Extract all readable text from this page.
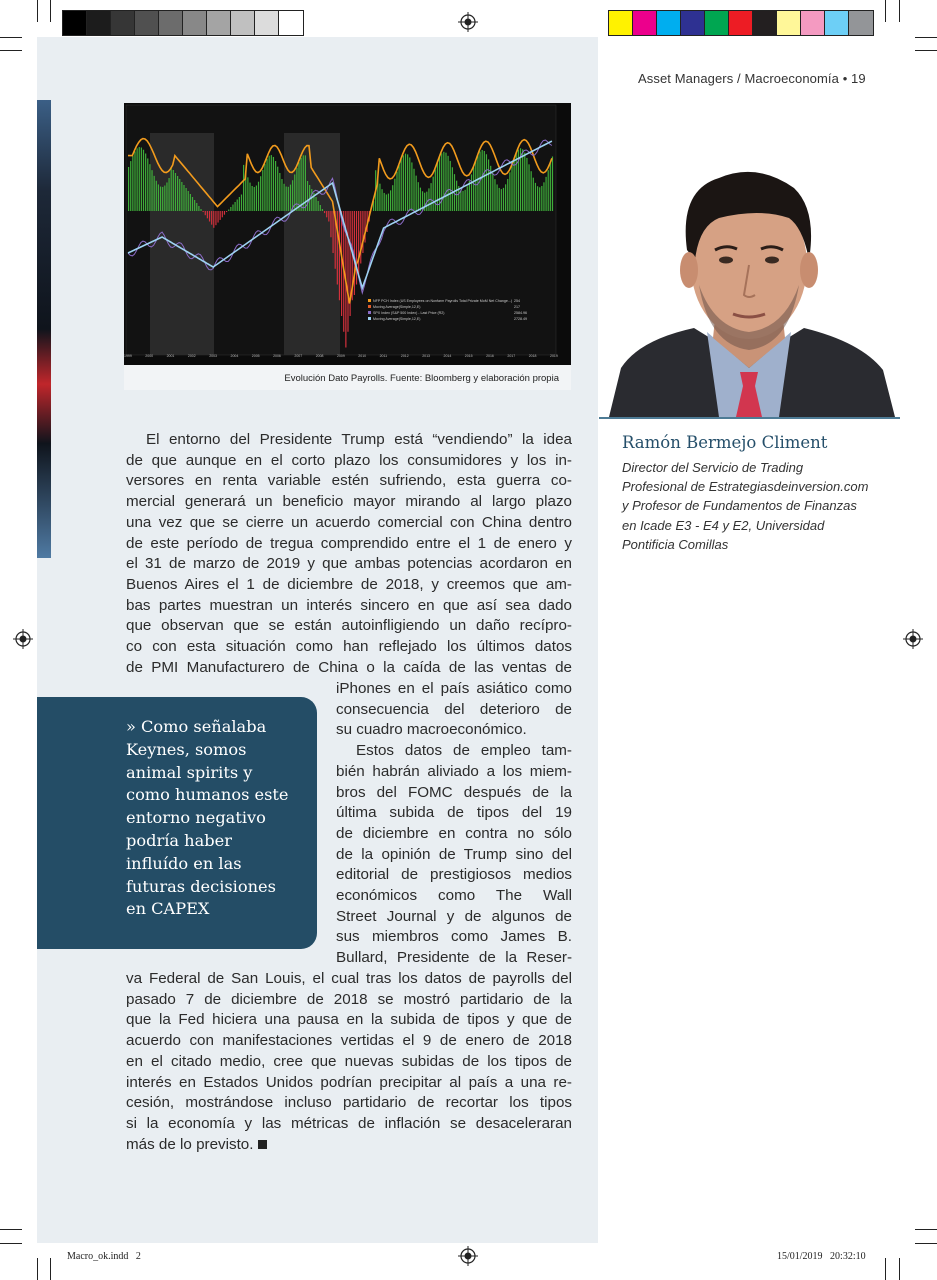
Asset Managers / Macroeconomía • 19
NFP PCH Index (US Employees on Nonfarm Payrolls Total Private MoM Net Change...)
Moving Average(Simple,12,E)
SPX Index (S&P 500 Index) - Last Price (R2)
Moving Average(Simple,12,E)
254
217
2584.96
2728.49
1999	2000	2001	2002	2003	2004	2005	2006	2007	2008	2009	2010	2011	2012	2013	2014	2015	2016	2017	2018	2019
Evolución Dato Payrolls. Fuente: Bloomberg y elaboración propia
Ramón Bermejo Climent
Director del Servicio de Trading
Profesional de Estrategiasdeinversion.com
y Profesor de Fundamentos de Finanzas
en Icade E3 - E4 y E2, Universidad
Pontificia Comillas
El entorno del Presidente Trump está “vendiendo” la idea
de que aunque en el corto plazo los consumidores y los in-
versores en renta variable estén sufriendo, esta guerra co-
mercial generará un beneficio mayor mirando al largo plazo
una vez que se cierre un acuerdo comercial con China dentro
de este período de tregua comprendido entre el 1 de enero y
el 31 de marzo de 2019 y que ambas potencias acordaron en
Buenos Aires el 1 de diciembre de 2018, y creemos que am-
bas partes muestran un interés sincero en que así sea dado
que observan que se están autoinfligiendo un daño recípro-
co con esta situación como han reflejado los últimos datos
de PMI Manufacturero de China o la caída de las ventas de
iPhones en el país asiático como
consecuencia del deterioro de
su cuadro macroeconómico.
Estos datos de empleo tam-
bién habrán aliviado a los miem-
bros del FOMC después de la
última subida de tipos del 19
de diciembre en contra no sólo
de la opinión de Trump sino del
editorial de prestigiosos medios
económicos como The Wall
Street Journal y de algunos de
sus miembros como James B.
Bullard, Presidente de la Reser-
va Federal de San Louis, el cual tras los datos de payrolls del
pasado 7 de diciembre de 2018 se mostró partidario de la
que la Fed hiciera una pausa en la subida de tipos y que de
acuerdo con manifestaciones vertidas el 9 de enero de 2018
en el citado medio, cree que nuevas subidas de los tipos de
interés en Estados Unidos podrían precipitar al país a una re-
cesión, mostrándose incluso partidario de recortar los tipos
si la economía y las métricas de inflación se desaceleraran
más de lo previsto.
» Como señalaba
Keynes, somos
animal spirits y
como humanos este
entorno negativo
podría haber
influído en las
futuras decisiones
en CAPEX
Macro_ok.indd   2	15/01/2019   20:32:10
